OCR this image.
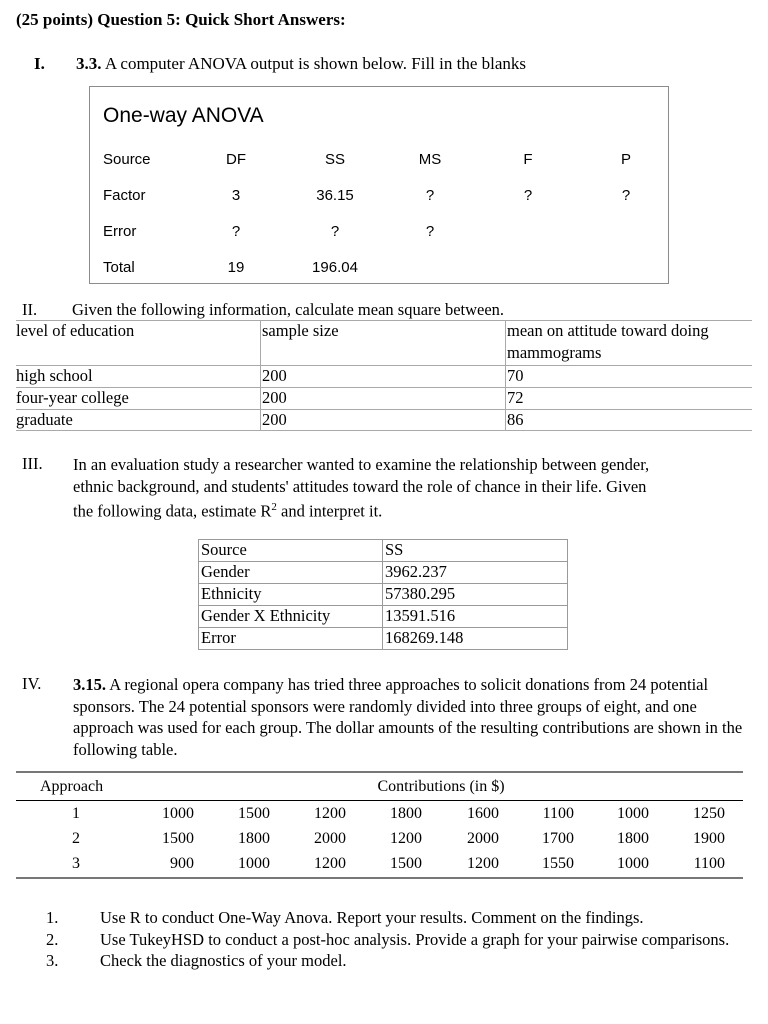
(25 points) Question 5: Quick Short Answers:
I. 3.3. A computer ANOVA output is shown below. Fill in the blanks
One-way ANOVA
Source	DF	SS	MS	F	P
Factor	3	36.15	?	?	?
Error	?	?	?
Total	19	196.04
II. Given the following information, calculate mean square between.
level of education	sample size	mean on attitude toward doing
mammograms
high school	200	70
four-year college	200	72
graduate	200	86
III. In an evaluation study a researcher wanted to examine the relationship between gender,
ethnic background, and students' attitudes toward the role of chance in their life. Given
the following data, estimate $R^2$ and interpret it.
Source	SS
Gender	3962.237
Ethnicity	57380.295
Gender X Ethnicity	13591.516
Error	168269.148
IV. 3.15. A regional opera company has tried three approaches to solicit donations from 24 potential sponsors. The 24 potential sponsors were randomly divided into three groups of eight, and one approach was used for each group. The dollar amounts of the resulting contributions are shown in the following table.
Approach	Contributions (in $)
1	1000	1500	1200	1800	1600	1100	1000	1250
2	1500	1800	2000	1200	2000	1700	1800	1900
3	900	1000	1200	1500	1200	1550	1000	1100
1.	Use R to conduct One-Way Anova. Report your results. Comment on the findings.
2.	Use TukeyHSD to conduct a post-hoc analysis. Provide a graph for your pairwise comparisons.
3.	Check the diagnostics of your model.
